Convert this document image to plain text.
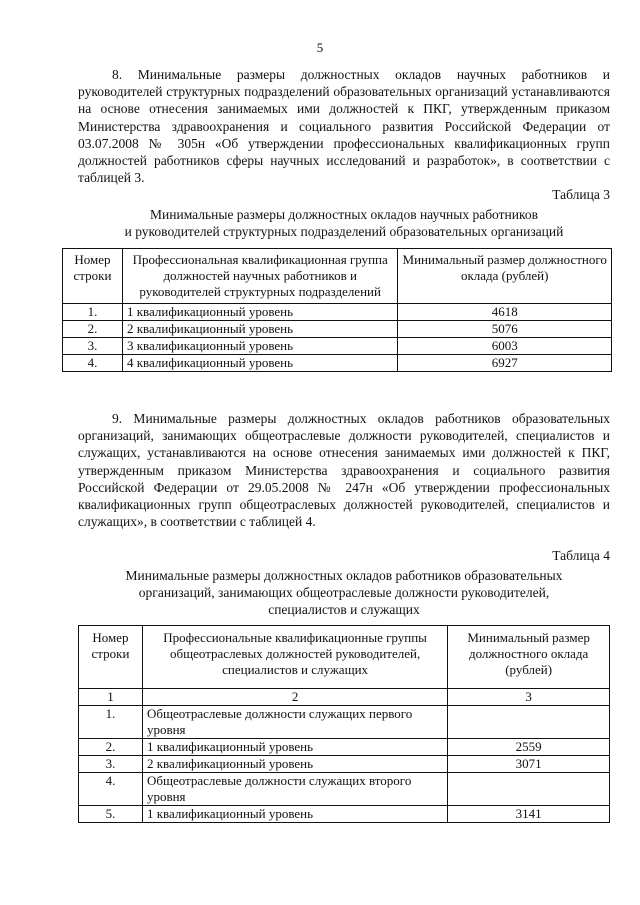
5
8. Минимальные размеры должностных окладов научных работников и руководителей структурных подразделений образовательных организаций устанавливаются на основе отнесения занимаемых ими должностей к ПКГ, утвержденным приказом Министерства здравоохранения и социального развития Российской Федерации от 03.07.2008 № 305н «Об утверждении профессиональных квалификационных групп должностей работников сферы научных исследований и разработок», в соответствии с таблицей 3.
Таблица 3
Минимальные размеры должностных окладов научных работников
и руководителей структурных подразделений образовательных организаций
Номер строки	Профессиональная квалификационная группа должностей научных работников и руководителей структурных подразделений	Минимальный размер должностного оклада (рублей)
1.	1 квалификационный уровень	4618
2.	2 квалификационный уровень	5076
3.	3 квалификационный уровень	6003
4.	4 квалификационный уровень	6927
9. Минимальные размеры должностных окладов работников образовательных организаций, занимающих общеотраслевые должности руководителей, специалистов и служащих, устанавливаются на основе отнесения занимаемых ими должностей к ПКГ, утвержденным приказом Министерства здравоохранения и социального развития Российской Федерации от 29.05.2008 № 247н «Об утверждении профессиональных квалификационных групп общеотраслевых должностей руководителей, специалистов и служащих», в соответствии с таблицей 4.
Таблица 4
Минимальные размеры должностных окладов работников образовательных
организаций, занимающих общеотраслевые должности руководителей,
специалистов и служащих
Номер строки	Профессиональные квалификационные группы общеотраслевых должностей руководителей, специалистов и служащих	Минимальный размер должностного оклада (рублей)
1	2	3
1.	Общеотраслевые должности служащих первого уровня	
2.	1 квалификационный уровень	2559
3.	2 квалификационный уровень	3071
4.	Общеотраслевые должности служащих второго уровня	
5.	1 квалификационный уровень	3141
